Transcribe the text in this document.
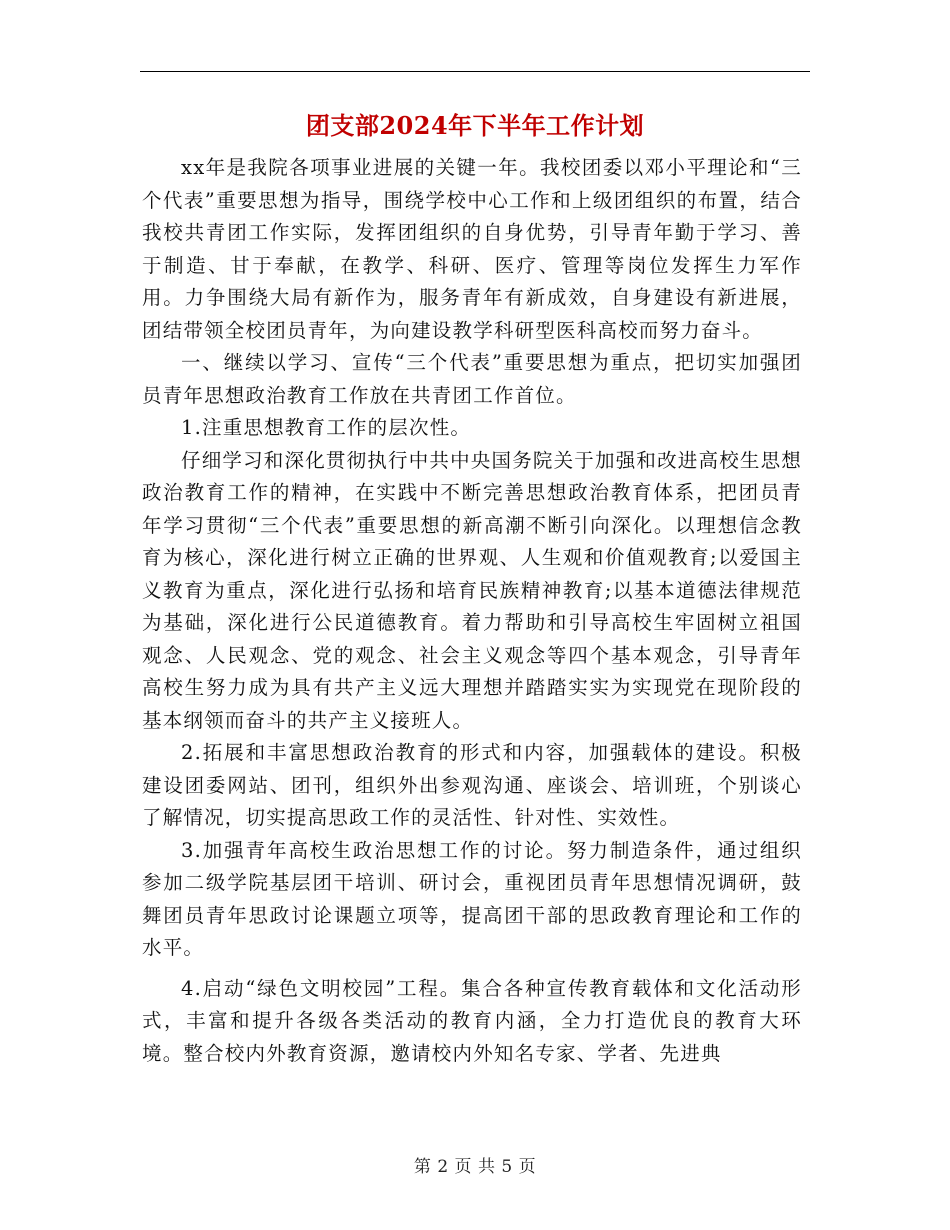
团支部2024年下半年工作计划

xx年是我院各项事业进展的关键一年。我校团委以邓小平理论和“三个代表”重要思想为指导，围绕学校中心工作和上级团组织的布置，结合我校共青团工作实际，发挥团组织的自身优势，引导青年勤于学习、善于制造、甘于奉献，在教学、科研、医疗、管理等岗位发挥生力军作用。力争围绕大局有新作为，服务青年有新成效，自身建设有新进展，团结带领全校团员青年，为向建设教学科研型医科高校而努力奋斗。

一、继续以学习、宣传“三个代表”重要思想为重点，把切实加强团员青年思想政治教育工作放在共青团工作首位。

1.注重思想教育工作的层次性。

仔细学习和深化贯彻执行中共中央国务院关于加强和改进高校生思想政治教育工作的精神，在实践中不断完善思想政治教育体系，把团员青年学习贯彻“三个代表”重要思想的新高潮不断引向深化。以理想信念教育为核心，深化进行树立正确的世界观、人生观和价值观教育;以爱国主义教育为重点，深化进行弘扬和培育民族精神教育;以基本道德法律规范为基础，深化进行公民道德教育。着力帮助和引导高校生牢固树立祖国观念、人民观念、党的观念、社会主义观念等四个基本观念，引导青年高校生努力成为具有共产主义远大理想并踏踏实实为实现党在现阶段的基本纲领而奋斗的共产主义接班人。

2.拓展和丰富思想政治教育的形式和内容，加强载体的建设。积极建设团委网站、团刊，组织外出参观沟通、座谈会、培训班，个别谈心了解情况，切实提高思政工作的灵活性、针对性、实效性。

3.加强青年高校生政治思想工作的讨论。努力制造条件，通过组织参加二级学院基层团干培训、研讨会，重视团员青年思想情况调研，鼓舞团员青年思政讨论课题立项等，提高团干部的思政教育理论和工作的水平。

4.启动“绿色文明校园”工程。集合各种宣传教育载体和文化活动形式，丰富和提升各级各类活动的教育内涵，全力打造优良的教育大环境。整合校内外教育资源，邀请校内外知名专家、学者、先进典

第 2 页 共 5 页
